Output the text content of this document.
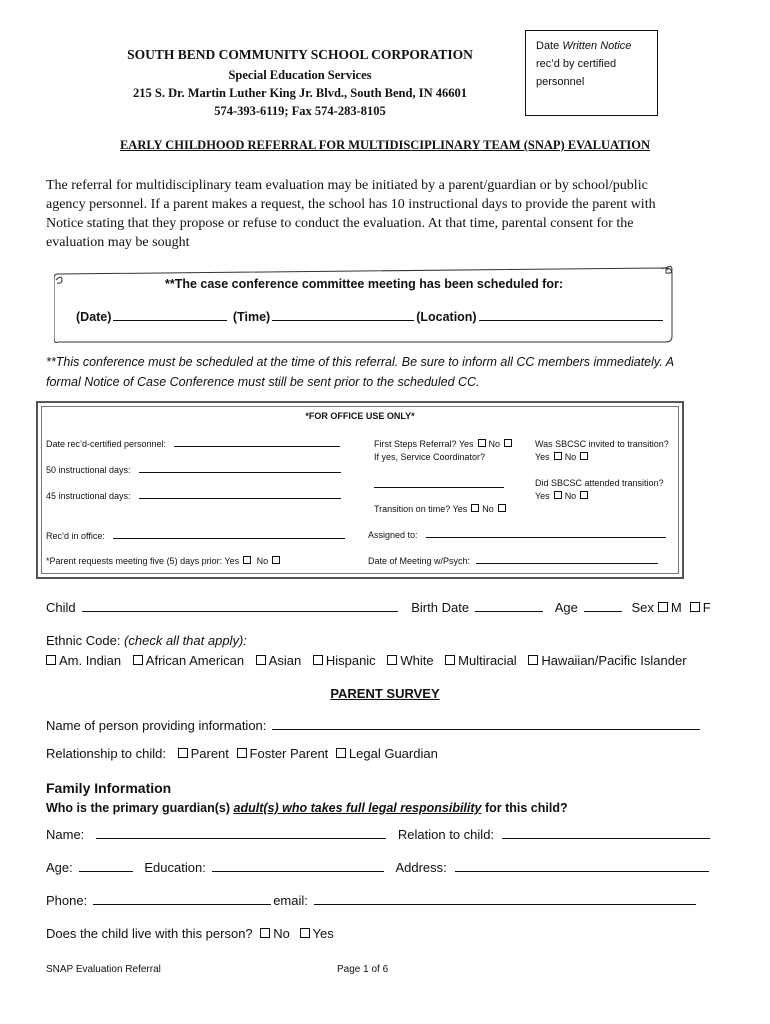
SOUTH BEND COMMUNITY SCHOOL CORPORATION
Special Education Services
215 S. Dr. Martin Luther King Jr. Blvd., South Bend, IN 46601
574-393-6119; Fax 574-283-8105
Date Written Notice
rec’d by certified
personnel
EARLY CHILDHOOD REFERRAL FOR MULTIDISCIPLINARY TEAM (SNAP) EVALUATION
The referral for multidisciplinary team evaluation may be initiated by a parent/guardian or by school/public
agency personnel. If a parent makes a request, the school has 10 instructional days to provide the parent with
Notice stating that they propose or refuse to conduct the evaluation. At that time, parental consent for the
evaluation may be sought
**The case conference committee meeting has been scheduled for:
(Date)	(Time)	(Location)
**This conference must be scheduled at the time of this referral. Be sure to inform all CC members immediately. A
formal Notice of Case Conference must still be sent prior to the scheduled CC.
*FOR OFFICE USE ONLY*
Date rec’d-certified personnel:
50 instructional days:
45 instructional days:
Rec’d in office:
*Parent requests meeting five (5) days prior: Yes No
First Steps Referral? Yes No
If yes, Service Coordinator?
Transition on time? Yes No
Assigned to:
Date of Meeting w/Psych:
Was SBCSC invited to transition?
Yes No
Did SBCSC attended transition?
Yes No
Child	Birth Date	Age	Sex M F
Ethnic Code: (check all that apply):
Am. Indian African American Asian Hispanic White Multiracial Hawaiian/Pacific Islander
PARENT SURVEY
Name of person providing information:
Relationship to child: Parent Foster Parent Legal Guardian
Family Information
Who is the primary guardian(s) adult(s) who takes full legal responsibility for this child?
Name:	Relation to child:
Age:	Education:	Address:
Phone:	email:
Does the child live with this person? No Yes
SNAP Evaluation Referral	Page 1 of 6
